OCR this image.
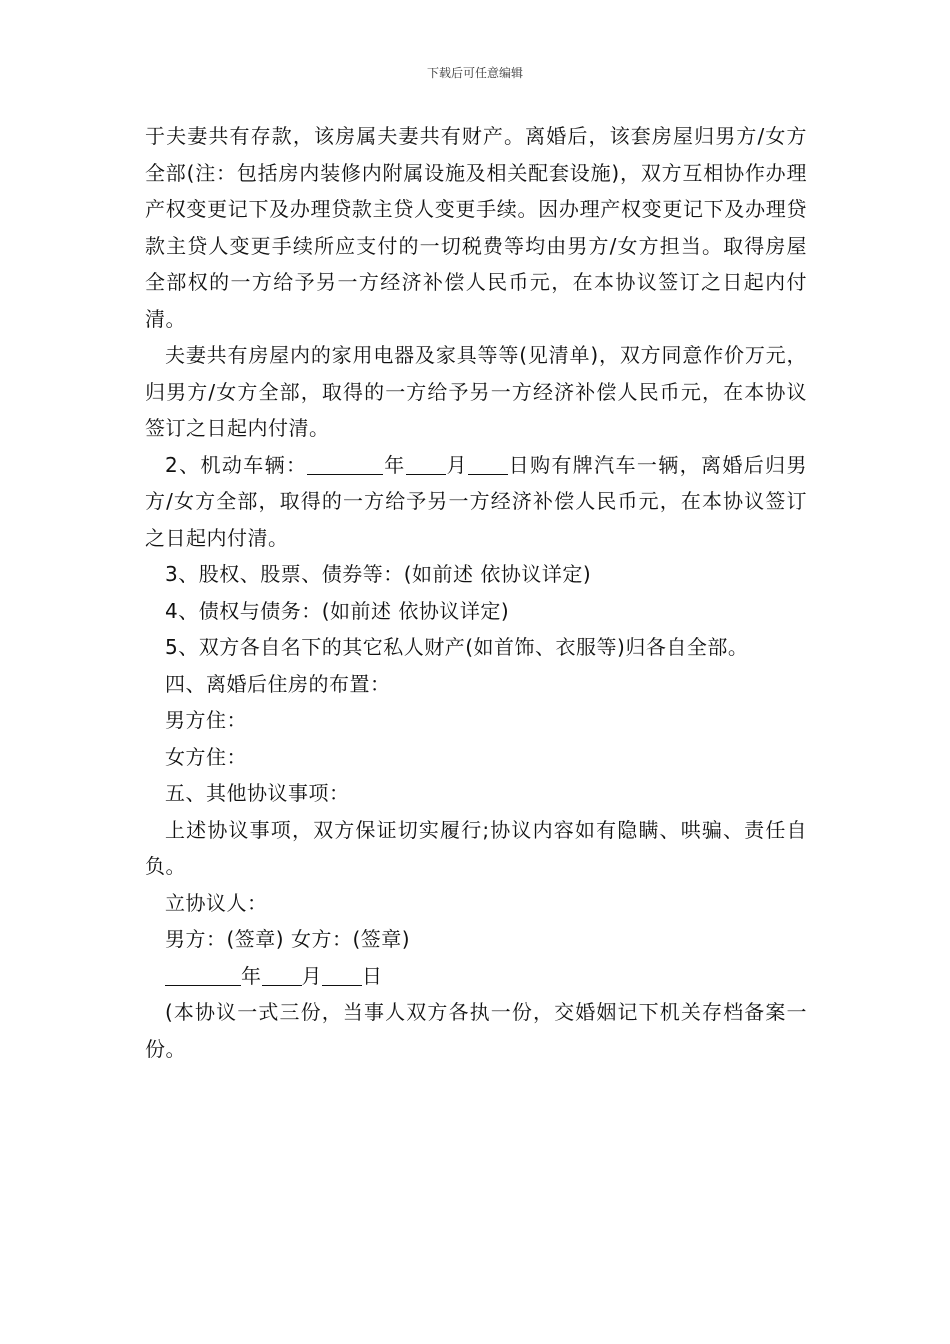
下载后可任意编辑

于夫妻共有存款，该房属夫妻共有财产。离婚后，该套房屋归男方/女方全部(注：包括房内装修内附属设施及相关配套设施)，双方互相协作办理产权变更记下及办理贷款主贷人变更手续。因办理产权变更记下及办理贷款主贷人变更手续所应支付的一切税费等均由男方/女方担当。取得房屋全部权的一方给予另一方经济补偿人民币元，在本协议签订之日起内付清。

夫妻共有房屋内的家用电器及家具等等(见清单)，双方同意作价万元，归男方/女方全部，取得的一方给予另一方经济补偿人民币元，在本协议签订之日起内付清。

2、机动车辆：	年 月 日购有牌汽车一辆，离婚后归男方/女方全部，取得的一方给予另一方经济补偿人民币元，在本协议签订之日起内付清。

3、股权、股票、债券等：(如前述 依协议详定)

4、债权与债务：(如前述 依协议详定)

5、双方各自名下的其它私人财产(如首饰、衣服等)归各自全部。

四、离婚后住房的布置：

男方住：

女方住：

五、其他协议事项：

上述协议事项，双方保证切实履行;协议内容如有隐瞒、哄骗、责任自负。

立协议人：

男方：(签章) 女方：(签章)

年 月 日

(本协议一式三份，当事人双方各执一份，交婚姻记下机关存档备案一份。
